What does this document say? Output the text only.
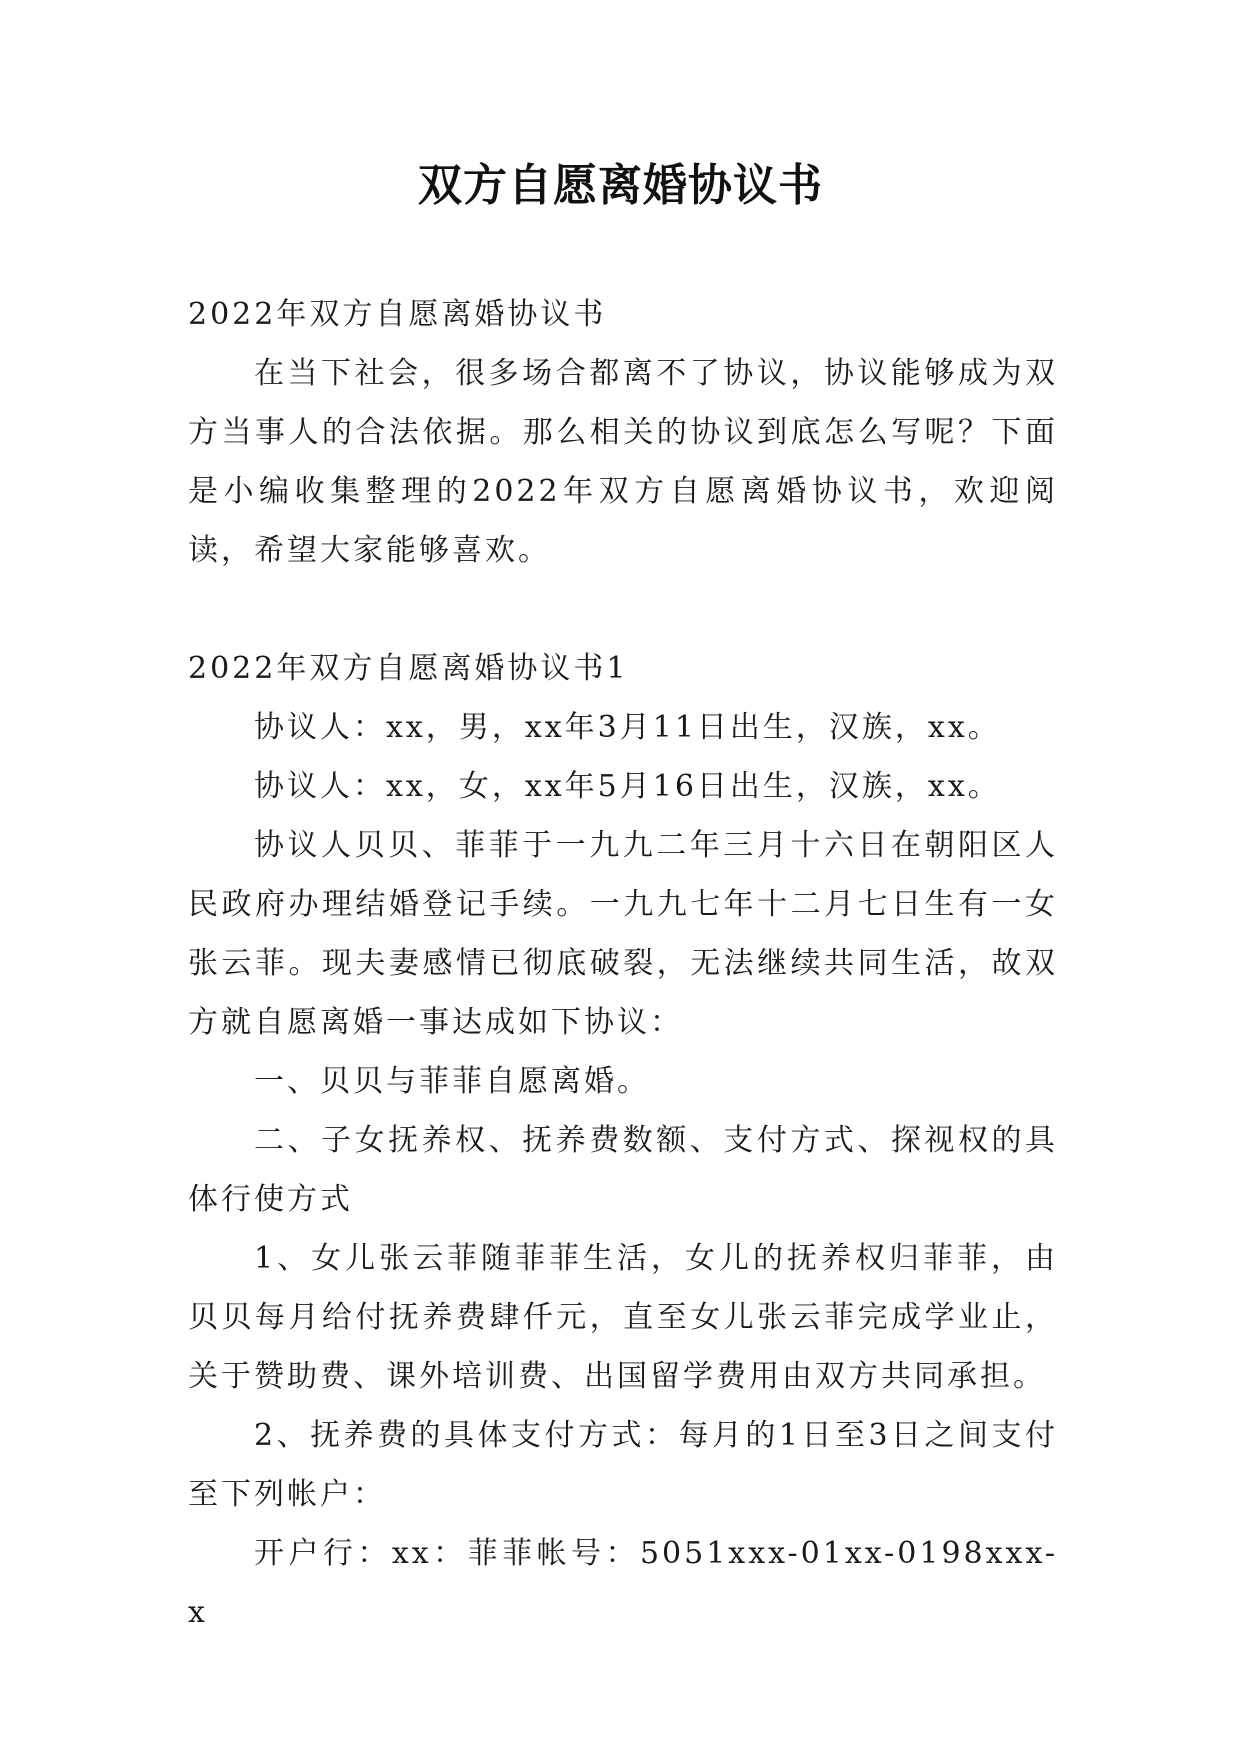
双方自愿离婚协议书

2022年双方自愿离婚协议书

在当下社会，很多场合都离不了协议，协议能够成为双方当事人的合法依据。那么相关的协议到底怎么写呢？下面是小编收集整理的2022年双方自愿离婚协议书，欢迎阅读，希望大家能够喜欢。

2022年双方自愿离婚协议书1

协议人：xx，男，xx年3月11日出生，汉族，xx。

协议人：xx，女，xx年5月16日出生，汉族，xx。

协议人贝贝、菲菲于一九九二年三月十六日在朝阳区人民政府办理结婚登记手续。一九九七年十二月七日生有一女张云菲。现夫妻感情已彻底破裂，无法继续共同生活，故双方就自愿离婚一事达成如下协议：

一、贝贝与菲菲自愿离婚。

二、子女抚养权、抚养费数额、支付方式、探视权的具体行使方式

1、女儿张云菲随菲菲生活，女儿的抚养权归菲菲，由贝贝每月给付抚养费肆仟元，直至女儿张云菲完成学业止，关于赞助费、课外培训费、出国留学费用由双方共同承担。

2、抚养费的具体支付方式：每月的1日至3日之间支付至下列帐户：

开户行：xx：菲菲帐号：5051xxx-01xx-0198xxx-x
